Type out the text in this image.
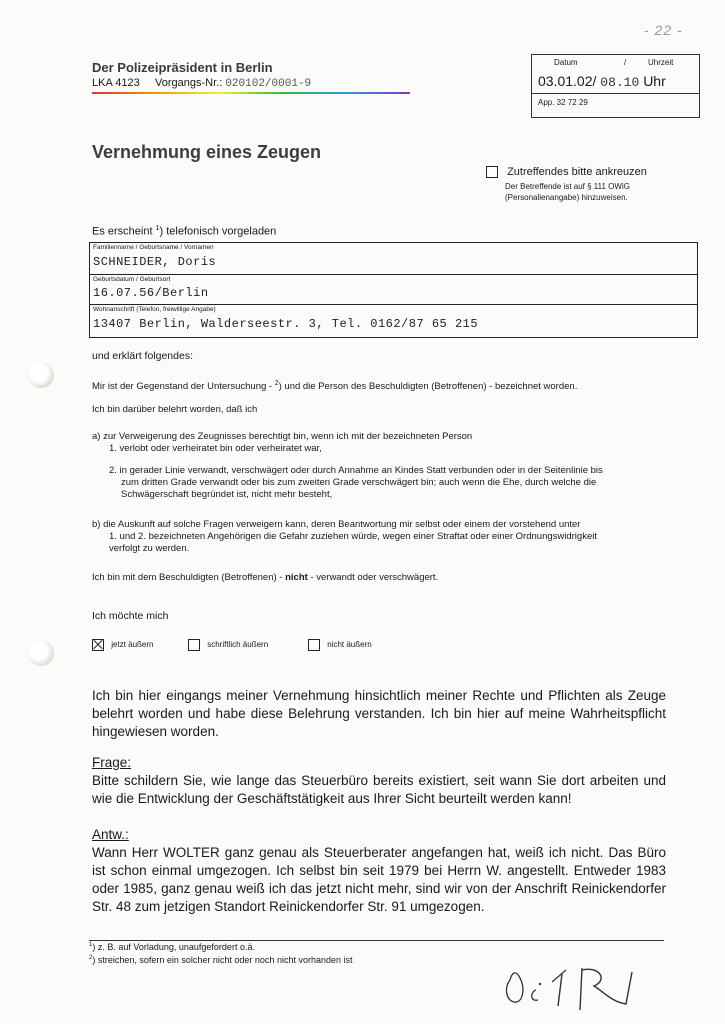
- 22 -
Der Polizeipräsident in Berlin
LKA 4123 Vorgangs-Nr.: 020102/0001-9
Datum	/	Uhrzeit
03.01.02/ 08.10 Uhr
App. 32 72 29
Vernehmung eines Zeugen
Zutreffendes bitte ankreuzen
Der Betreffende ist auf § 111 OWiG
(Personalienangabe) hinzuweisen.
Es erscheint $^1$) telefonisch vorgeladen
Familienname / Geburtsname / Vornamen
SCHNEIDER, Doris
Geburtsdatum / Geburtsort
16.07.56/Berlin
Wohnanschrift (Telefon, freiwillige Angabe)
13407 Berlin, Walderseestr. 3, Tel. 0162/87 65 215
und erklärt folgendes:
Mir ist der Gegenstand der Untersuchung - $^2$) und die Person des Beschuldigten (Betroffenen) - bezeichnet worden.
Ich bin darüber belehrt worden, daß ich
a) zur Verweigerung des Zeugnisses berechtigt bin, wenn ich mit der bezeichneten Person
1. verlobt oder verheiratet bin oder verheiratet war,
2. in gerader Linie verwandt, verschwägert oder durch Annahme an Kindes Statt verbunden oder in der Seitenlinie bis
zum dritten Grade verwandt oder bis zum zweiten Grade verschwägert bin; auch wenn die Ehe, durch welche die
Schwägerschaft begründet ist, nicht mehr besteht,
b) die Auskunft auf solche Fragen verweigern kann, deren Beantwortung mir selbst oder einem der vorstehend unter
1. und 2. bezeichneten Angehörigen die Gefahr zuziehen würde, wegen einer Straftat oder einer Ordnungswidrigkeit
verfolgt zu werden.
Ich bin mit dem Beschuldigten (Betroffenen) - nicht - verwandt oder verschwägert.
Ich möchte mich
jetzt äußern	schriftlich äußern	nicht äußern
Ich bin hier eingangs meiner Vernehmung hinsichtlich meiner Rechte und Pflichten als Zeuge belehrt worden und habe diese Belehrung verstanden. Ich bin hier auf meine Wahrheitspflicht hingewiesen worden.
Frage:
Bitte schildern Sie, wie lange das Steuerbüro bereits existiert, seit wann Sie dort arbeiten und wie die Entwicklung der Geschäftstätigkeit aus Ihrer Sicht beurteilt werden kann!
Antw.:
Wann Herr WOLTER ganz genau als Steuerberater angefangen hat, weiß ich nicht. Das Büro ist schon einmal umgezogen. Ich selbst bin seit 1979 bei Herrn W. angestellt. Entweder 1983 oder 1985, ganz genau weiß ich das jetzt nicht mehr, sind wir von der Anschrift Reinickendorfer Str. 48 zum jetzigen Standort Reinickendorfer Str. 91 umgezogen.
$^1$) z. B. auf Vorladung, unaufgefordert o.ä.
$^2$) streichen, sofern ein solcher nicht oder noch nicht vorhanden ist
